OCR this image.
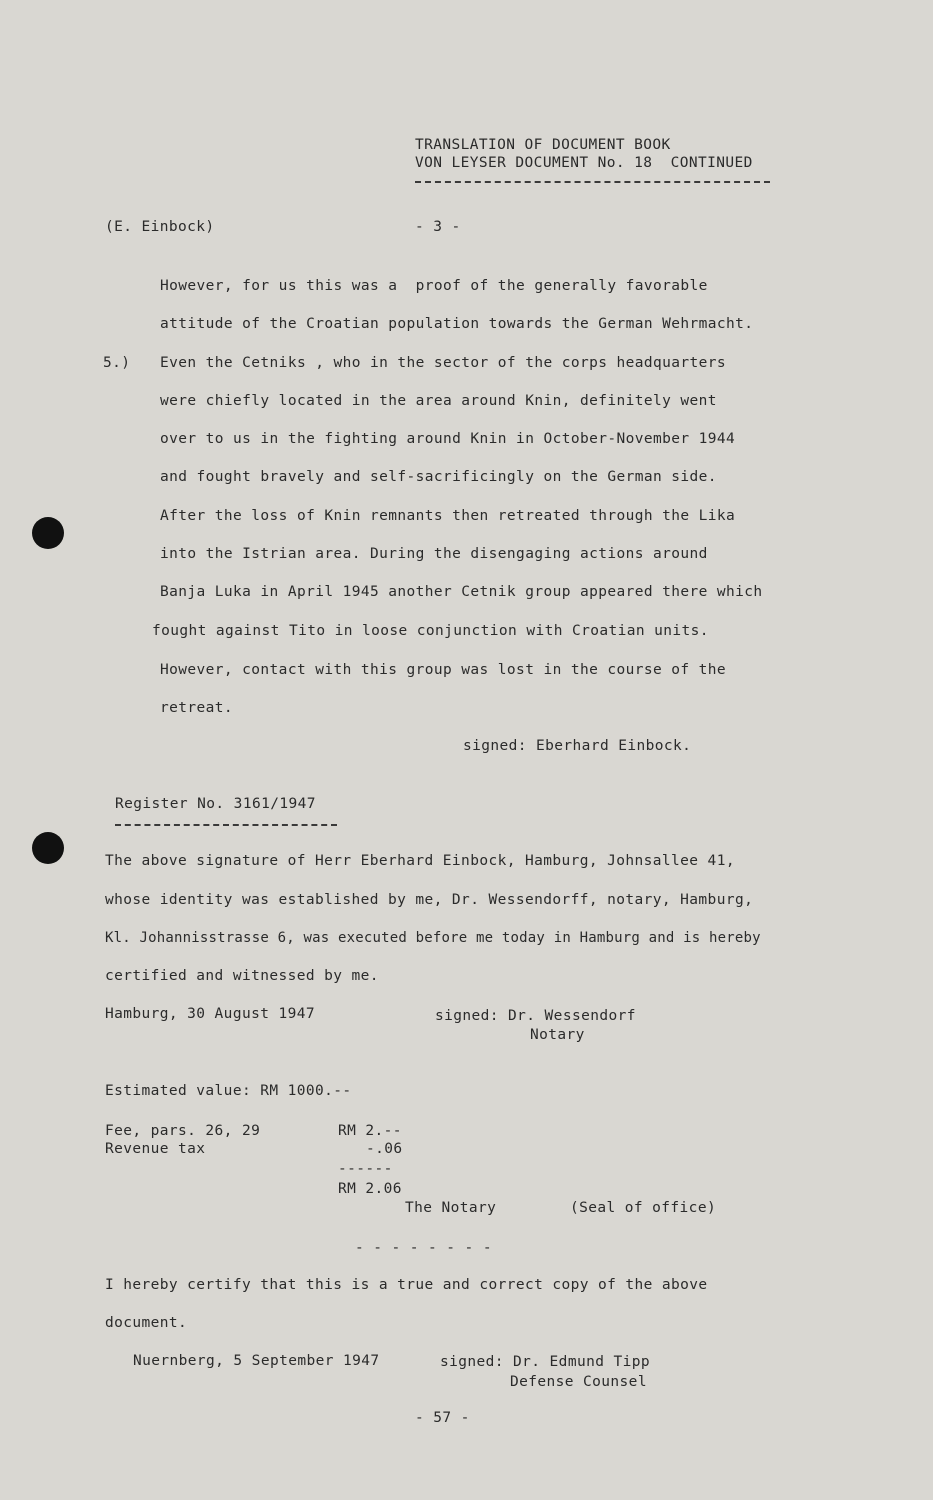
TRANSLATION OF DOCUMENT BOOK
VON LEYSER DOCUMENT No. 18  CONTINUED
(E. Einbock)	- 3 -
5.)
However, for us this was a  proof of the generally favorable
attitude of the Croatian population towards the German Wehrmacht.
Even the Cetniks , who in the sector of the corps headquarters
were chiefly located in the area around Knin, definitely went
over to us in the fighting around Knin in October-November 1944
and fought bravely and self-sacrificingly on the German side.
After the loss of Knin remnants then retreated through the Lika
into the Istrian area. During the disengaging actions around
Banja Luka in April 1945 another Cetnik group appeared there which
fought against Tito in loose conjunction with Croatian units.
However, contact with this group was lost in the course of the
retreat.
signed: Eberhard Einbock.
Register No. 3161/1947
The above signature of Herr Eberhard Einbock, Hamburg, Johnsallee 41,
whose identity was established by me, Dr. Wessendorff, notary, Hamburg,
Kl. Johannisstrasse 6, was executed before me today in Hamburg and is hereby
certified and witnessed by me.
Hamburg, 30 August 1947	signed: Dr. Wessendorf
Notary
Estimated value: RM 1000.--
Fee, pars. 26, 29	RM 2.--
Revenue tax	-.06
------
RM 2.06
The Notary	(Seal of office)
- - - - - - - -
I hereby certify that this is a true and correct copy of the above
document.
Nuernberg, 5 September 1947	signed: Dr. Edmund Tipp
Defense Counsel
- 57 -
